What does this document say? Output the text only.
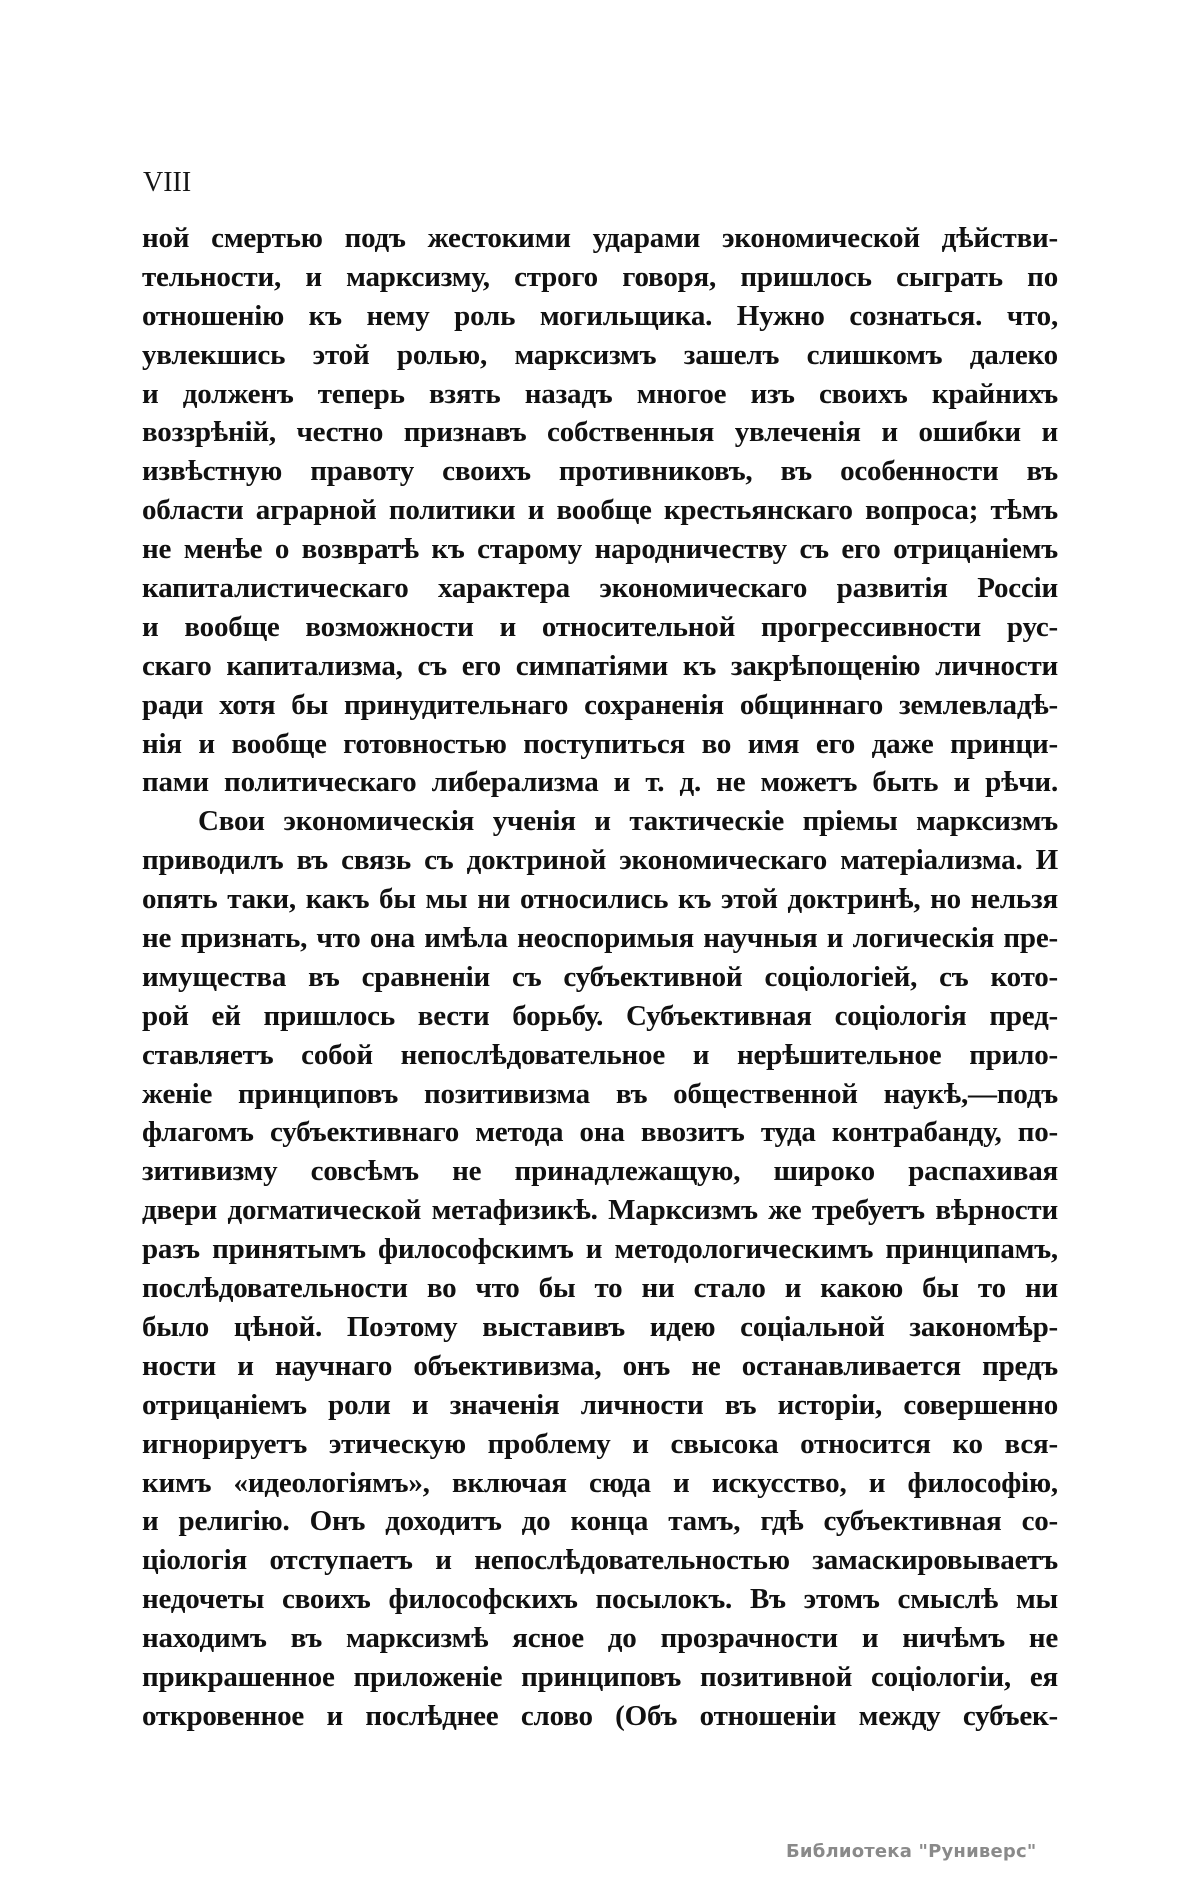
VIII
ной смертью подъ жестокими ударами экономической дѣйстви-
тельности, и марксизму, строго говоря, пришлось сыграть по
отношенiю къ нему роль могильщика. Нужно сознаться. что,
увлекшись этой ролью, марксизмъ зашелъ слишкомъ далеко
и долженъ теперь взять назадъ многое изъ своихъ крайнихъ
воззрѣнiй, честно признавъ собственныя увлеченiя и ошибки и
извѣстную правоту своихъ противниковъ, въ особенности въ
области аграрной политики и вообще крестьянскаго вопроса; тѣмъ
не менѣе о возвратѣ къ старому народничеству съ его отрицанiемъ
капиталистическаго характера экономическаго развитiя Россiи
и вообще возможности и относительной прогрессивности рус-
скаго капитализма, съ его симпатiями къ закрѣпощенiю личности
ради хотя бы принудительнаго сохраненiя общиннаго землевладѣ-
нiя и вообще готовностью поступиться во имя его даже принци-
пами политическаго либерализма и т. д. не можетъ быть и рѣчи.
Свои экономическiя ученiя и тактическiе прiемы марксизмъ
приводилъ въ связь съ доктриной экономическаго матерiализма. И
опять таки, какъ бы мы ни относились къ этой доктринѣ, но нельзя
не признать, что она имѣла неоспоримыя научныя и логическiя пре-
имущества въ сравненiи съ субъективной соцiологiей, съ кото-
рой ей пришлось вести борьбу. Субъективная соцiологiя пред-
ставляетъ собой непослѣдовательное и нерѣшительное прило-
женiе принциповъ позитивизма въ общественной наукѣ,—подъ
флагомъ субъективнаго метода она ввозитъ туда контрабанду, по-
зитивизму совсѣмъ не принадлежащую, широко распахивая
двери догматической метафизикѣ. Марксизмъ же требуетъ вѣрности
разъ принятымъ философскимъ и методологическимъ принципамъ,
послѣдовательности во что бы то ни стало и какою бы то ни
было цѣной. Поэтому выставивъ идею соцiальной закономѣр-
ности и научнаго объективизма, онъ не останавливается предъ
отрицанiемъ роли и значенiя личности въ исторiи, совершенно
игнорируетъ этическую проблему и свысока относится ко вся-
кимъ «идеологiямъ», включая сюда и искусство, и философiю,
и религiю. Онъ доходитъ до конца тамъ, гдѣ субъективная со-
цiологiя отступаетъ и непослѣдовательностью замаскировываетъ
недочеты своихъ философскихъ посылокъ. Въ этомъ смыслѣ мы
находимъ въ марксизмѣ ясное до прозрачности и ничѣмъ не
прикрашенное приложенiе принциповъ позитивной соцiологiи, ея
откровенное и послѣднее слово (Объ отношенiи между субъек-
Библиотека "Руниверс"
